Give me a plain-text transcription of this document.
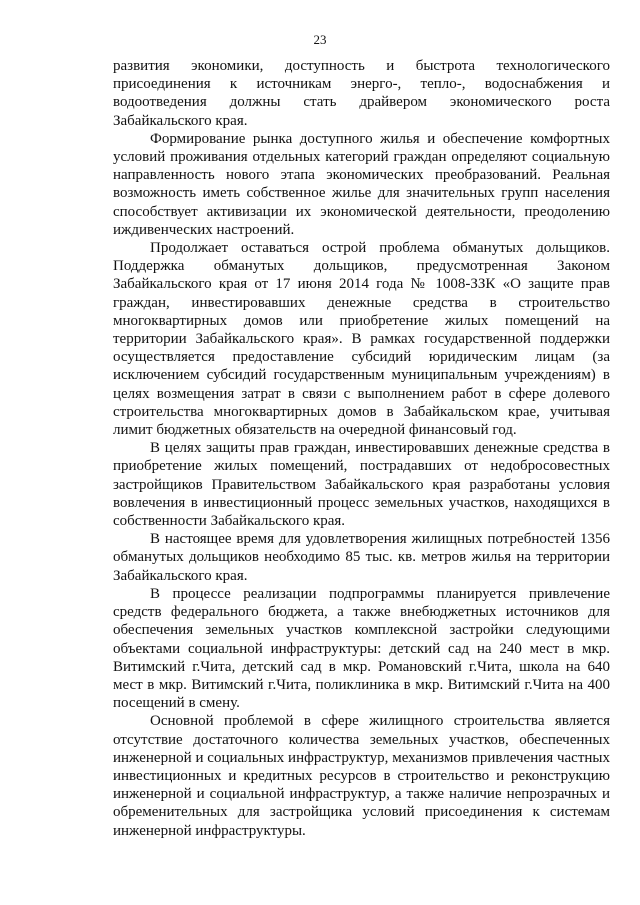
23

развития экономики, доступность и быстрота технологического присоединения к источникам энерго-, тепло-, водоснабжения и водоотведения должны стать драйвером экономического роста Забайкальского края.

Формирование рынка доступного жилья и обеспечение комфортных условий проживания отдельных категорий граждан определяют социальную направленность нового этапа экономических преобразований. Реальная возможность иметь собственное жилье для значительных групп населения способствует активизации их экономической деятельности, преодолению иждивенческих настроений.

Продолжает оставаться острой проблема обманутых дольщиков. Поддержка обманутых дольщиков, предусмотренная Законом Забайкальского края от 17 июня 2014 года № 1008-ЗЗК «О защите прав граждан, инвестировавших денежные средства в строительство многоквартирных домов или приобретение жилых помещений на территории Забайкальского края». В рамках государственной поддержки осуществляется предоставление субсидий юридическим лицам (за исключением субсидий государственным муниципальным учреждениям) в целях возмещения затрат в связи с выполнением работ в сфере долевого строительства многоквартирных домов в Забайкальском крае, учитывая лимит бюджетных обязательств на очередной финансовый год.

В целях защиты прав граждан, инвестировавших денежные средства в приобретение жилых помещений, пострадавших от недобросовестных застройщиков Правительством Забайкальского края разработаны условия вовлечения в инвестиционный процесс земельных участков, находящихся в собственности Забайкальского края.

В настоящее время для удовлетворения жилищных потребностей 1356 обманутых дольщиков необходимо 85 тыс. кв. метров жилья на территории Забайкальского края.

В процессе реализации подпрограммы планируется привлечение средств федерального бюджета, а также внебюджетных источников для обеспечения земельных участков комплексной застройки следующими объектами социальной инфраструктуры: детский сад на 240 мест в мкр. Витимский г.Чита, детский сад в мкр. Романовский г.Чита, школа на 640 мест в мкр. Витимский г.Чита, поликлиника в мкр. Витимский г.Чита на 400 посещений в смену.

Основной проблемой в сфере жилищного строительства является отсутствие достаточного количества земельных участков, обеспеченных инженерной и социальных инфраструктур, механизмов привлечения частных инвестиционных и кредитных ресурсов в строительство и реконструкцию инженерной и социальной инфраструктур, а также наличие непрозрачных и обременительных для застройщика условий присоединения к системам инженерной инфраструктуры.
